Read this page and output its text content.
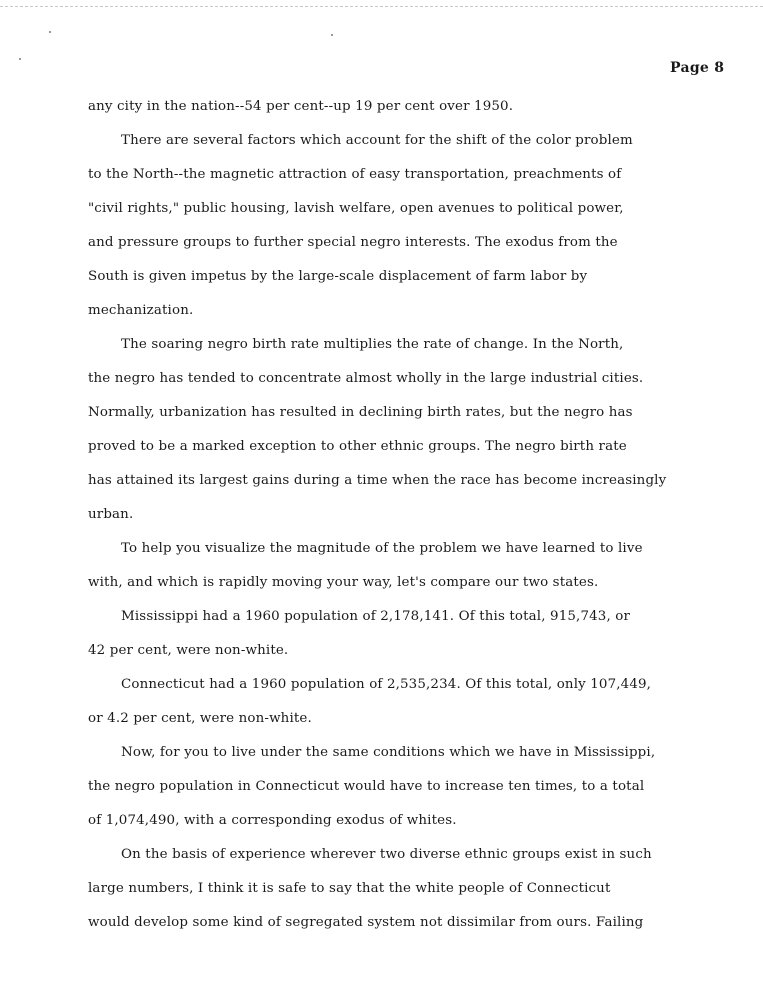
Page 8
any city in the nation--54 per cent--up 19 per cent over 1950.
There are several factors which account for the shift of the color problem
to the North--the magnetic attraction of easy transportation, preachments of
"civil rights," public housing, lavish welfare, open avenues to political power,
and pressure groups to further special negro interests. The exodus from the
South is given impetus by the large-scale displacement of farm labor by
mechanization.
The soaring negro birth rate multiplies the rate of change. In the North,
the negro has tended to concentrate almost wholly in the large industrial cities.
Normally, urbanization has resulted in declining birth rates, but the negro has
proved to be a marked exception to other ethnic groups. The negro birth rate
has attained its largest gains during a time when the race has become increasingly
urban.
To help you visualize the magnitude of the problem we have learned to live
with, and which is rapidly moving your way, let's compare our two states.
Mississippi had a 1960 population of 2,178,141. Of this total, 915,743, or
42 per cent, were non-white.
Connecticut had a 1960 population of 2,535,234. Of this total, only 107,449,
or 4.2 per cent, were non-white.
Now, for you to live under the same conditions which we have in Mississippi,
the negro population in Connecticut would have to increase ten times, to a total
of 1,074,490, with a corresponding exodus of whites.
On the basis of experience wherever two diverse ethnic groups exist in such
large numbers, I think it is safe to say that the white people of Connecticut
would develop some kind of segregated system not dissimilar from ours. Failing
